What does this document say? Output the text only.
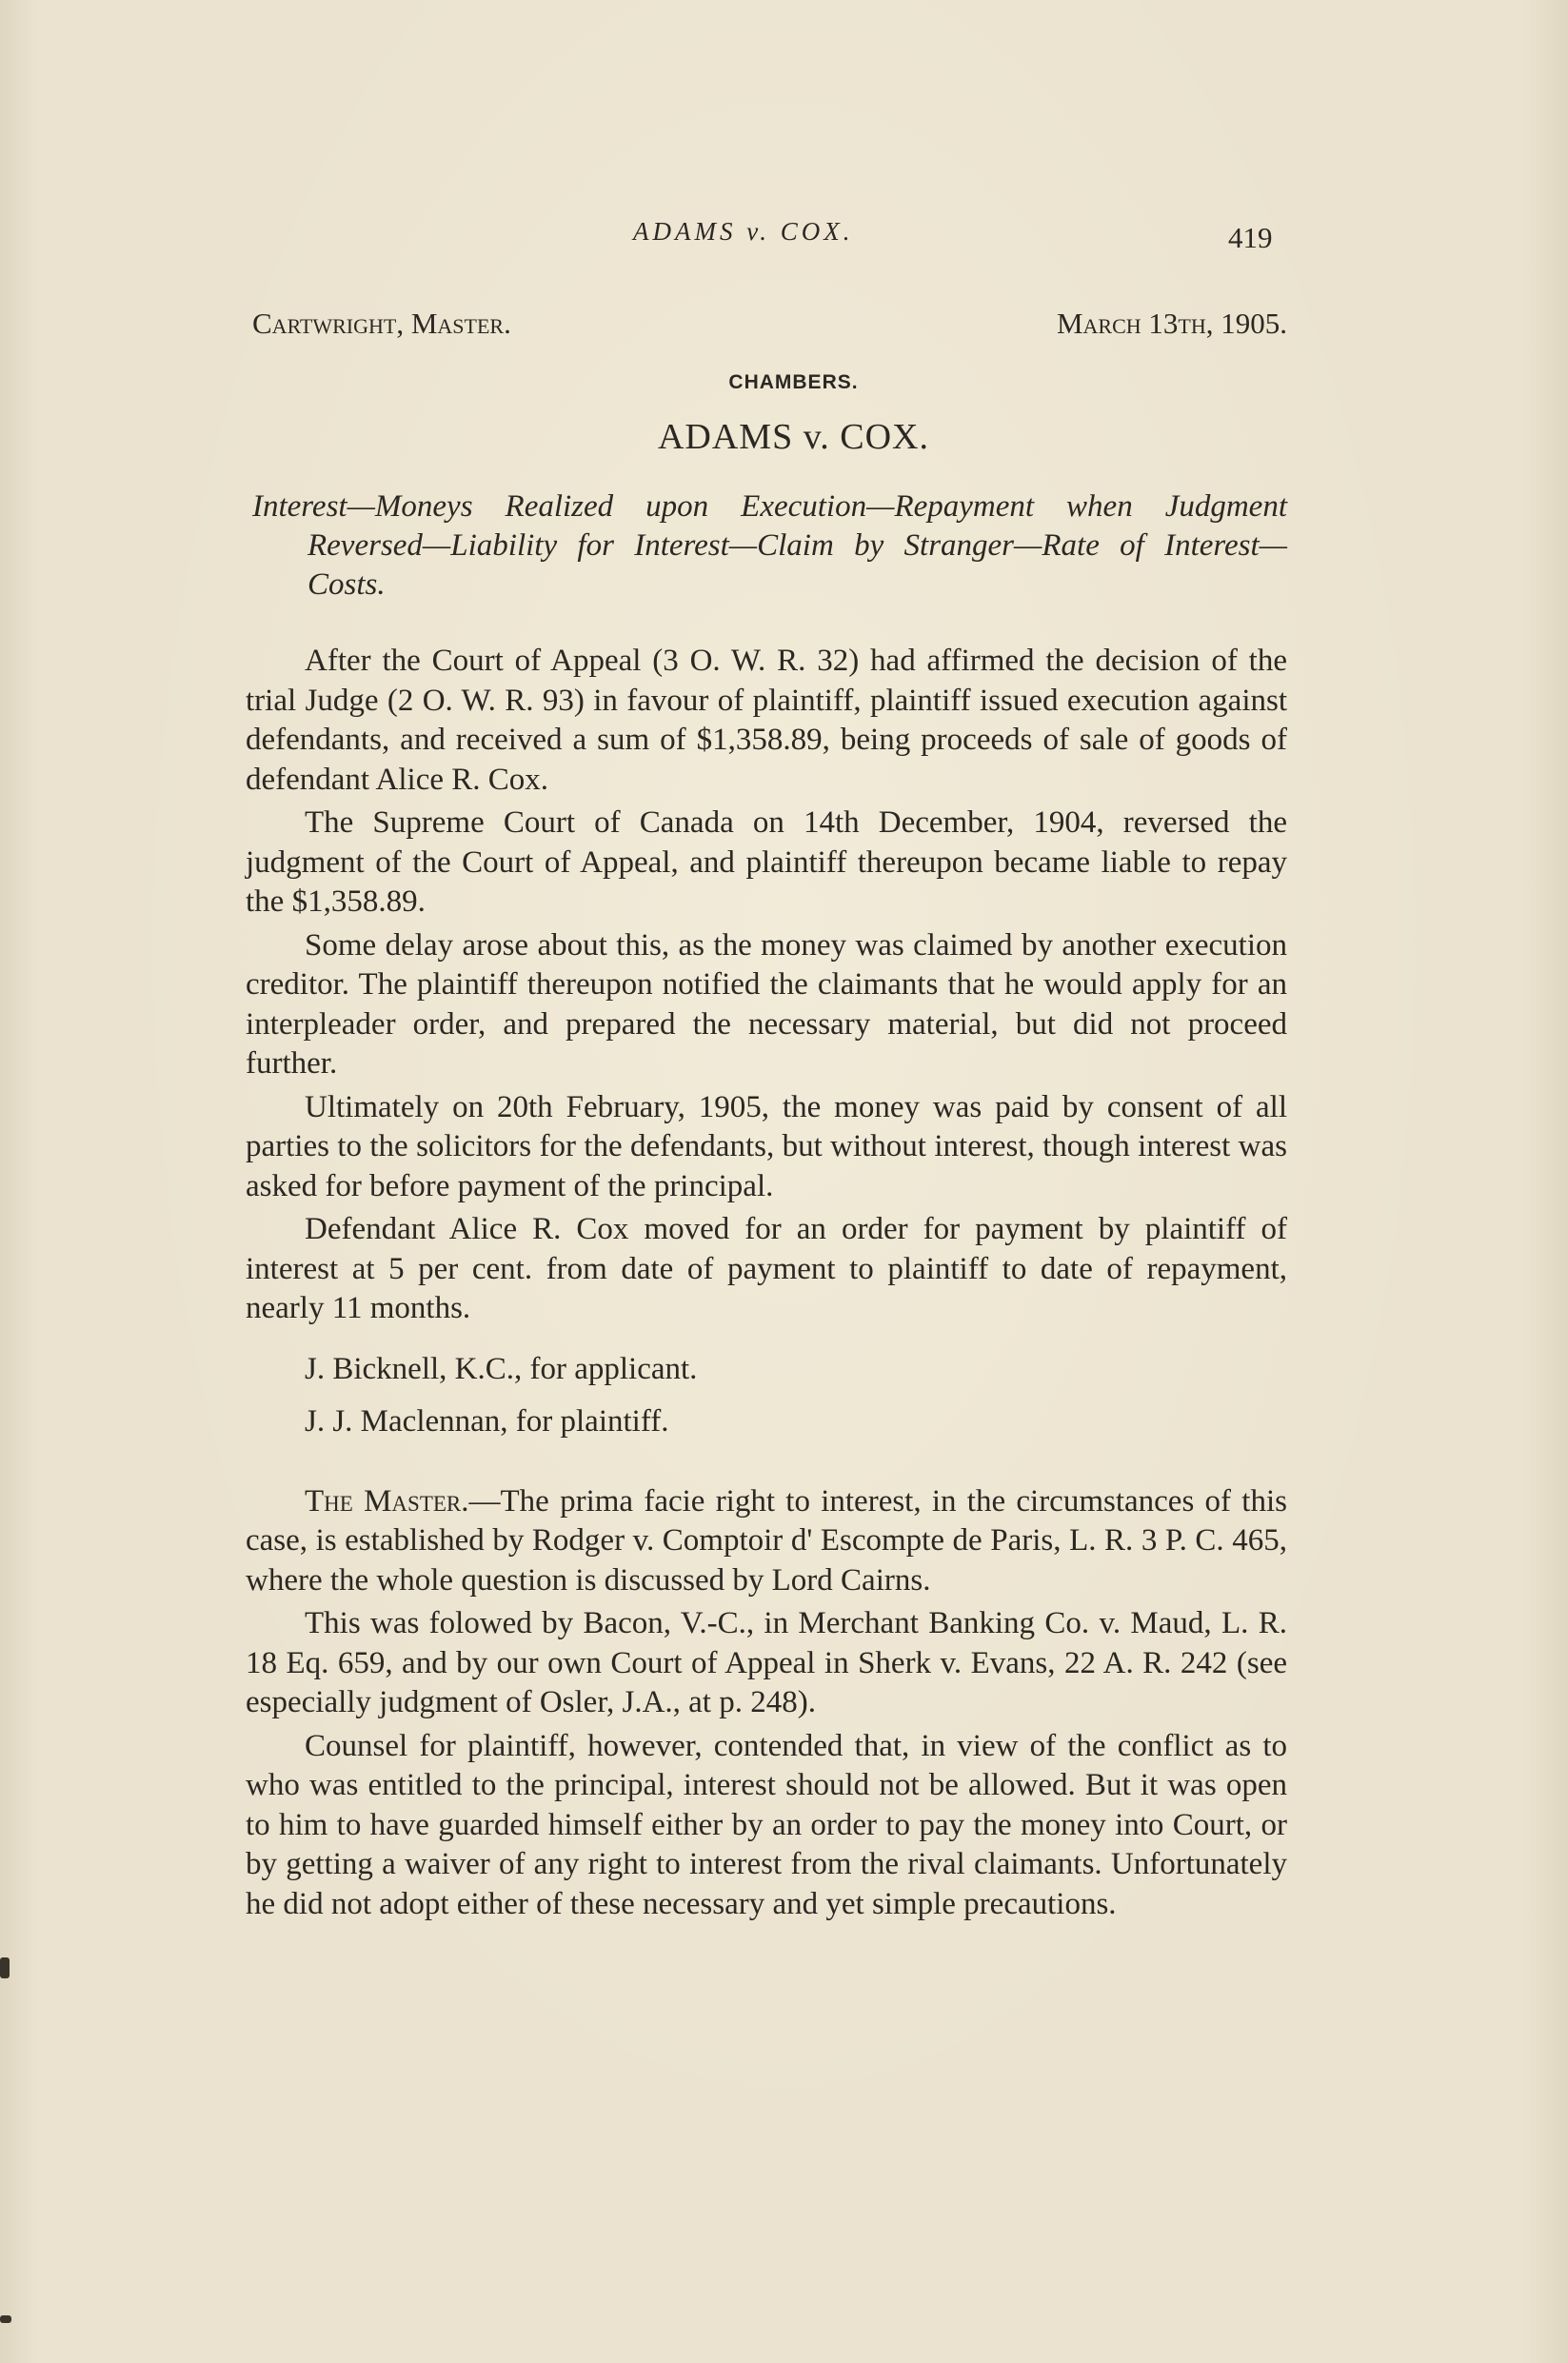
ADAMS v. COX.	419
Cartwright, Master.	March 13th, 1905.
CHAMBERS.
ADAMS v. COX.
Interest—Moneys Realized upon Execution—Repayment when Judgment Reversed—Liability for Interest—Claim by Stranger—Rate of Interest—Costs.

After the Court of Appeal (3 O. W. R. 32) had affirmed the decision of the trial Judge (2 O. W. R. 93) in favour of plaintiff, plaintiff issued execution against defendants, and received a sum of $1,358.89, being proceeds of sale of goods of defendant Alice R. Cox.

The Supreme Court of Canada on 14th December, 1904, reversed the judgment of the Court of Appeal, and plaintiff thereupon became liable to repay the $1,358.89.

Some delay arose about this, as the money was claimed by another execution creditor. The plaintiff thereupon notified the claimants that he would apply for an interpleader order, and prepared the necessary material, but did not proceed further.

Ultimately on 20th February, 1905, the money was paid by consent of all parties to the solicitors for the defendants, but without interest, though interest was asked for before payment of the principal.

Defendant Alice R. Cox moved for an order for payment by plaintiff of interest at 5 per cent. from date of payment to plaintiff to date of repayment, nearly 11 months.

J. Bicknell, K.C., for applicant.

J. J. Maclennan, for plaintiff.

The Master.—The prima facie right to interest, in the circumstances of this case, is established by Rodger v. Comptoir d' Escompte de Paris, L. R. 3 P. C. 465, where the whole question is discussed by Lord Cairns.

This was folowed by Bacon, V.-C., in Merchant Banking Co. v. Maud, L. R. 18 Eq. 659, and by our own Court of Appeal in Sherk v. Evans, 22 A. R. 242 (see especially judgment of Osler, J.A., at p. 248).

Counsel for plaintiff, however, contended that, in view of the conflict as to who was entitled to the principal, interest should not be allowed. But it was open to him to have guarded himself either by an order to pay the money into Court, or by getting a waiver of any right to interest from the rival claimants. Unfortunately he did not adopt either of these necessary and yet simple precautions.
